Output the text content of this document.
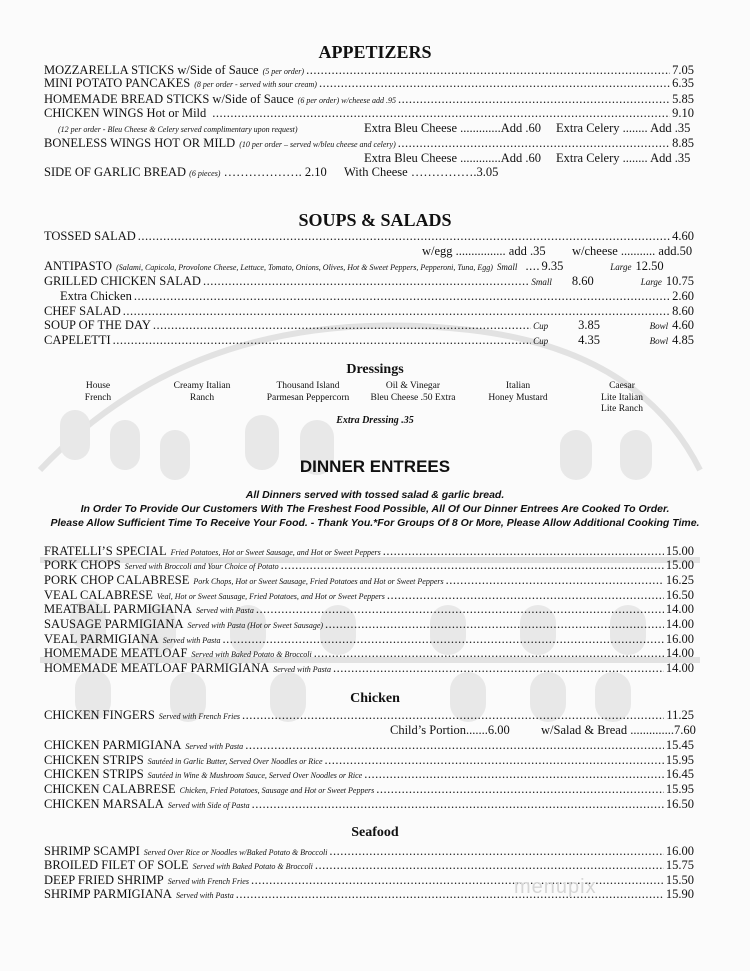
APPETIZERS
MOZZARELLA STICKS w/Side of Sauce (5 per order) .....	7.05
MINI POTATO PANCAKES (8 per order - served with sour cream) .....	6.35
HOMEMADE BREAD STICKS w/Side of Sauce (6 per order) w/cheese add .95 .....	5.85
CHICKEN WINGS Hot or Mild .....	9.10
(12 per order - Bleu Cheese & Celery served complimentary upon request)	Extra Bleu Cheese .............Add .60 Extra Celery ........ Add .35
BONELESS WINGS HOT OR MILD (10 per order – served w/bleu cheese and celery) .....	8.85
Extra Bleu Cheese .............Add .60 Extra Celery ........ Add .35
SIDE OF GARLIC BREAD (6 pieces) ………………. 2.10 With Cheese …………….3.05
SOUPS & SALADS
TOSSED SALAD .....	4.60
w/egg ................ add .35 w/cheese ........... add.50
ANTIPASTO (Salami, Capicola, Provolone Cheese, Lettuce, Tomato, Onions, Olives, Hot & Sweet Peppers, Pepperoni, Tuna, Egg) Small ..... 9.35	Large 12.50
GRILLED CHICKEN SALAD .....	Small 8.60	Large 10.75
Extra Chicken .....	2.60
CHEF SALAD .....	8.60
SOUP OF THE DAY .....	Cup 3.85	Bowl 4.60
CAPELETTI .....	Cup 4.35	Bowl 4.85
Dressings
House
French
Creamy Italian
Ranch
Thousand Island
Parmesan Peppercorn
Oil & Vinegar
Bleu Cheese .50 Extra
Italian
Honey Mustard
Caesar
Lite Italian
Lite Ranch
Extra Dressing .35
DINNER ENTREES
All Dinners served with tossed salad & garlic bread.
In Order To Provide Our Customers With The Freshest Food Possible, All Of Our Dinner Entrees Are Cooked To Order.
Please Allow Sufficient Time To Receive Your Food. - Thank You.*For Groups Of 8 Or More, Please Allow Additional Cooking Time.
FRATELLI’S SPECIAL Fried Potatoes, Hot or Sweet Sausage, and Hot or Sweet Peppers .....	15.00
PORK CHOPS Served with Broccoli and Your Choice of Potato .....	15.00
PORK CHOP CALABRESE Pork Chops, Hot or Sweet Sausage, Fried Potatoes and Hot or Sweet Peppers .....	16.25
VEAL CALABRESE Veal, Hot or Sweet Sausage, Fried Potatoes, and Hot or Sweet Peppers .....	16.50
MEATBALL PARMIGIANA Served with Pasta .....	14.00
SAUSAGE PARMIGIANA Served with Pasta (Hot or Sweet Sausage) .....	14.00
VEAL PARMIGIANA Served with Pasta .....	16.00
HOMEMADE MEATLOAF Served with Baked Potato & Broccoli .....	14.00
HOMEMADE MEATLOAF PARMIGIANA Served with Pasta .....	14.00
Chicken
CHICKEN FINGERS Served with French Fries .....	11.25
Child’s Portion.......6.00 w/Salad & Bread ..............7.60
CHICKEN PARMIGIANA Served with Pasta .....	15.45
CHICKEN STRIPS Sautéed in Garlic Butter, Served Over Noodles or Rice .....	15.95
CHICKEN STRIPS Sautéed in Wine & Mushroom Sauce, Served Over Noodles or Rice .....	16.45
CHICKEN CALABRESE Chicken, Fried Potatoes, Sausage and Hot or Sweet Peppers .....	15.95
CHICKEN MARSALA Served with Side of Pasta .....	16.50
Seafood
SHRIMP SCAMPI Served Over Rice or Noodles w/Baked Potato & Broccoli .....	16.00
BROILED FILET OF SOLE Served with Baked Potato & Broccoli .....	15.75
DEEP FRIED SHRIMP Served with French Fries .....	15.50
SHRIMP PARMIGIANA Served with Pasta .....	15.90
menupix
